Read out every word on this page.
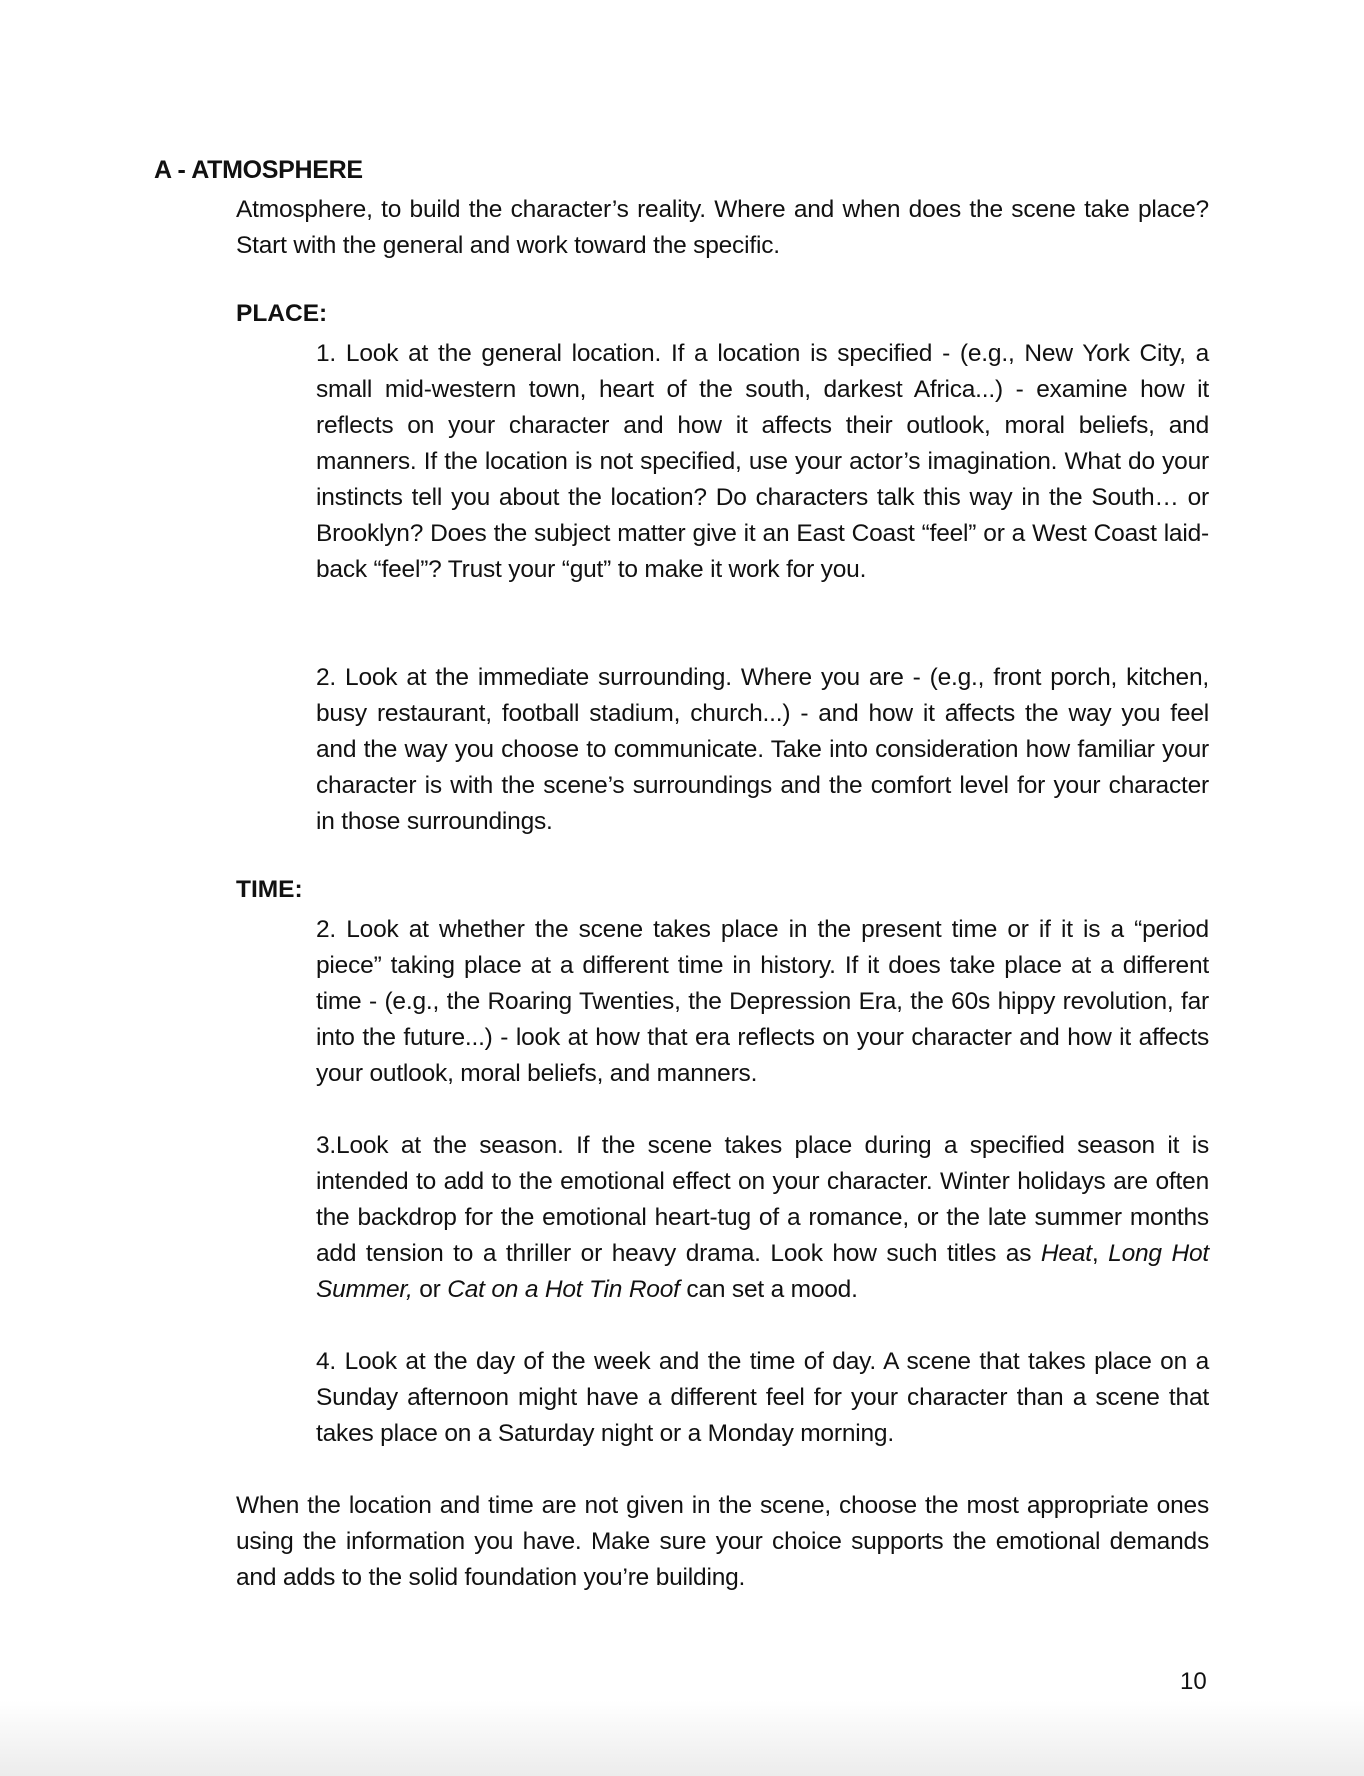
A - ATMOSPHERE

Atmosphere, to build the character’s reality. Where and when does the scene take place? Start with the general and work toward the specific.

PLACE:

1. Look at the general location. If a location is specified - (e.g., New York City, a small mid-western town, heart of the south, darkest Africa...) - examine how it reflects on your character and how it affects their outlook, moral beliefs, and manners. If the location is not specified, use your actor’s imagination. What do your instincts tell you about the location? Do characters talk this way in the South… or Brooklyn? Does the subject matter give it an East Coast “feel” or a West Coast laid-back “feel”? Trust your “gut” to make it work for you.

2. Look at the immediate surrounding. Where you are - (e.g., front porch, kitchen, busy restaurant, football stadium, church...) - and how it affects the way you feel and the way you choose to communicate. Take into consideration how familiar your character is with the scene’s surroundings and the comfort level for your character in those surroundings.

TIME:

2. Look at whether the scene takes place in the present time or if it is a “period piece” taking place at a different time in history. If it does take place at a different time - (e.g., the Roaring Twenties, the Depression Era, the 60s hippy revolution, far into the future...) - look at how that era reflects on your character and how it affects your outlook, moral beliefs, and manners.

3.Look at the season. If the scene takes place during a specified season it is intended to add to the emotional effect on your character. Winter holidays are often the backdrop for the emotional heart-tug of a romance, or the late summer months add tension to a thriller or heavy drama. Look how such titles as Heat, Long Hot Summer, or Cat on a Hot Tin Roof can set a mood.

4. Look at the day of the week and the time of day. A scene that takes place on a Sunday afternoon might have a different feel for your character than a scene that takes place on a Saturday night or a Monday morning.

When the location and time are not given in the scene, choose the most appropriate ones using the information you have. Make sure your choice supports the emotional demands and adds to the solid foundation you’re building.

10
